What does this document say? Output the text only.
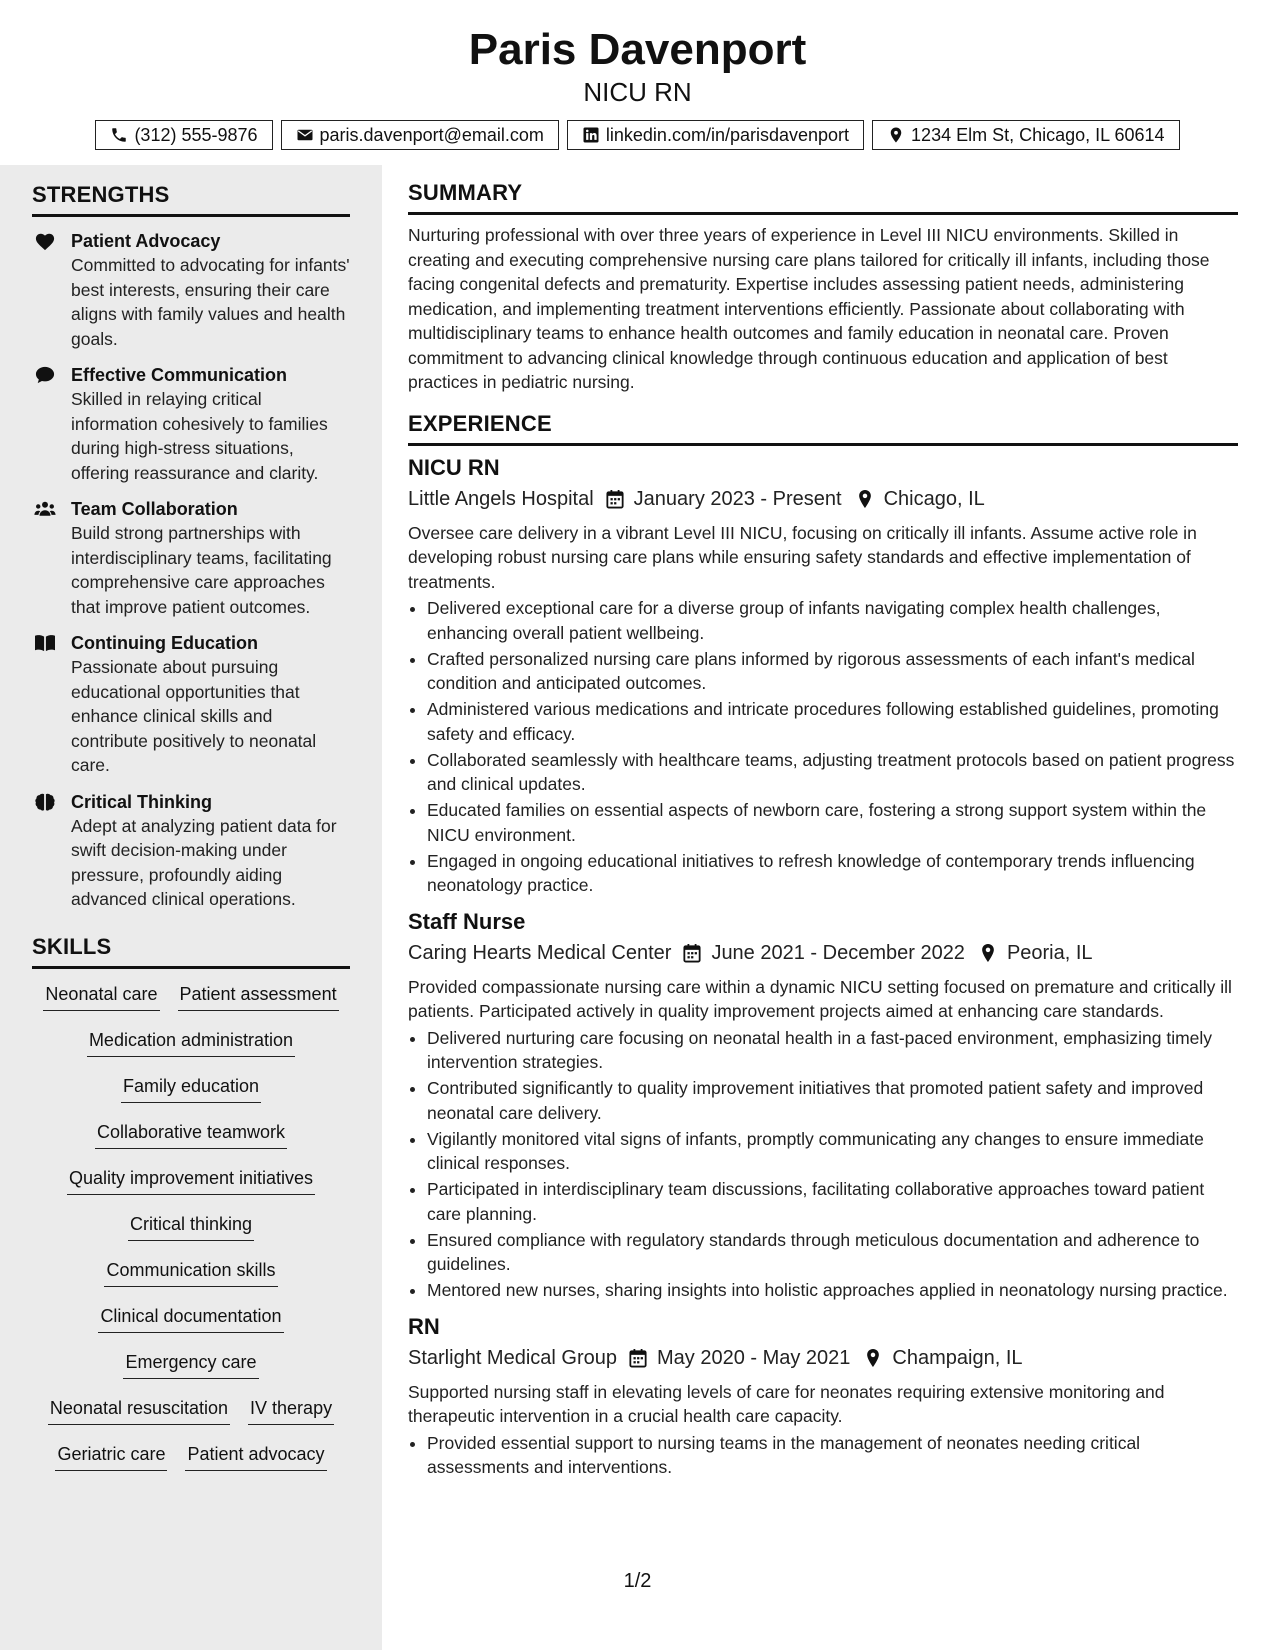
Paris Davenport
NICU RN
(312) 555-9876	paris.davenport@email.com	linkedin.com/in/parisdavenport	1234 Elm St, Chicago, IL 60614
STRENGTHS
Patient Advocacy
Committed to advocating for infants' best interests, ensuring their care aligns with family values and health goals.
Effective Communication
Skilled in relaying critical information cohesively to families during high-stress situations, offering reassurance and clarity.
Team Collaboration
Build strong partnerships with interdisciplinary teams, facilitating comprehensive care approaches that improve patient outcomes.
Continuing Education
Passionate about pursuing educational opportunities that enhance clinical skills and contribute positively to neonatal care.
Critical Thinking
Adept at analyzing patient data for swift decision-making under pressure, profoundly aiding advanced clinical operations.
SKILLS
Neonatal care Patient assessment
Medication administration
Family education
Collaborative teamwork
Quality improvement initiatives
Critical thinking
Communication skills
Clinical documentation
Emergency care
Neonatal resuscitation IV therapy
Geriatric care Patient advocacy
SUMMARY
Nurturing professional with over three years of experience in Level III NICU environments. Skilled in creating and executing comprehensive nursing care plans tailored for critically ill infants, including those facing congenital defects and prematurity. Expertise includes assessing patient needs, administering medication, and implementing treatment interventions efficiently. Passionate about collaborating with multidisciplinary teams to enhance health outcomes and family education in neonatal care. Proven commitment to advancing clinical knowledge through continuous education and application of best practices in pediatric nursing.
EXPERIENCE
NICU RN
Little Angels Hospital January 2023 - Present Chicago, IL
Oversee care delivery in a vibrant Level III NICU, focusing on critically ill infants. Assume active role in developing robust nursing care plans while ensuring safety standards and effective implementation of treatments.
• Delivered exceptional care for a diverse group of infants navigating complex health challenges, enhancing overall patient wellbeing.
• Crafted personalized nursing care plans informed by rigorous assessments of each infant's medical condition and anticipated outcomes.
• Administered various medications and intricate procedures following established guidelines, promoting safety and efficacy.
• Collaborated seamlessly with healthcare teams, adjusting treatment protocols based on patient progress and clinical updates.
• Educated families on essential aspects of newborn care, fostering a strong support system within the NICU environment.
• Engaged in ongoing educational initiatives to refresh knowledge of contemporary trends influencing neonatology practice.
Staff Nurse
Caring Hearts Medical Center June 2021 - December 2022 Peoria, IL
Provided compassionate nursing care within a dynamic NICU setting focused on premature and critically ill patients. Participated actively in quality improvement projects aimed at enhancing care standards.
• Delivered nurturing care focusing on neonatal health in a fast-paced environment, emphasizing timely intervention strategies.
• Contributed significantly to quality improvement initiatives that promoted patient safety and improved neonatal care delivery.
• Vigilantly monitored vital signs of infants, promptly communicating any changes to ensure immediate clinical responses.
• Participated in interdisciplinary team discussions, facilitating collaborative approaches toward patient care planning.
• Ensured compliance with regulatory standards through meticulous documentation and adherence to guidelines.
• Mentored new nurses, sharing insights into holistic approaches applied in neonatology nursing practice.
RN
Starlight Medical Group May 2020 - May 2021 Champaign, IL
Supported nursing staff in elevating levels of care for neonates requiring extensive monitoring and therapeutic intervention in a crucial health care capacity.
• Provided essential support to nursing teams in the management of neonates needing critical assessments and interventions.
1/2
